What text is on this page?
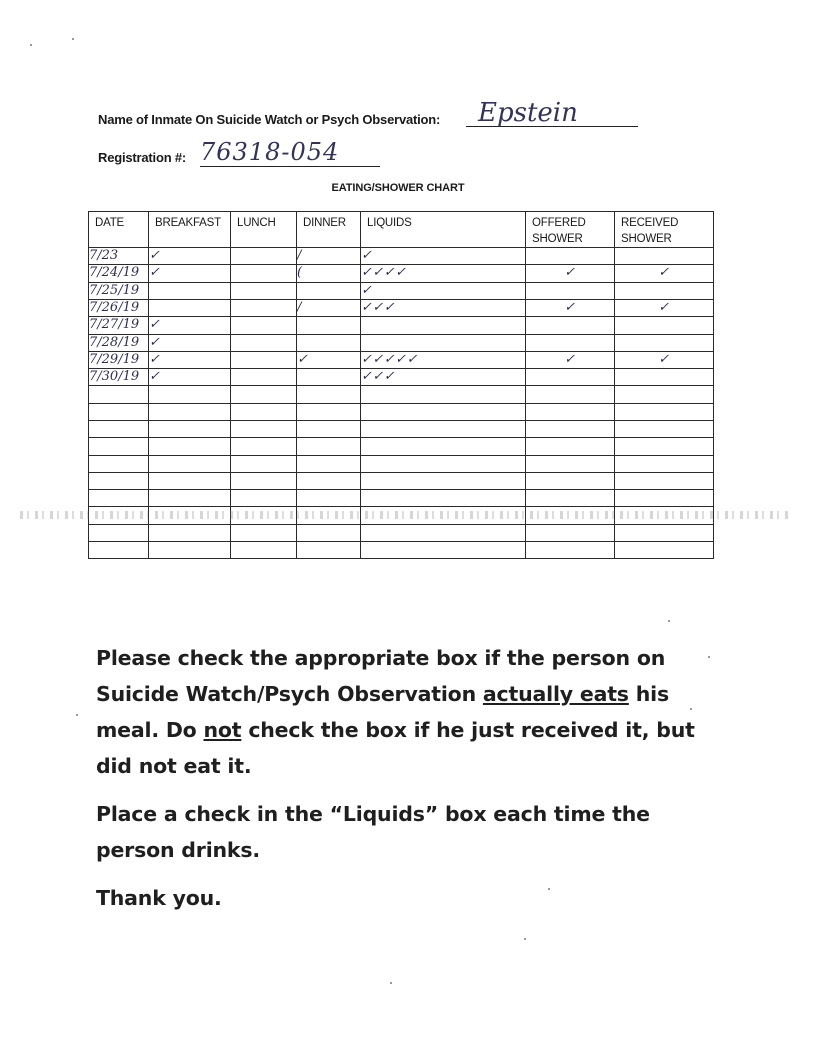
Name of Inmate On Suicide Watch or Psych Observation: Epstein
Registration #: 76318-054
EATING/SHOWER CHART
DATE	BREAKFAST	LUNCH	DINNER	LIQUIDS	OFFERED SHOWER	RECEIVED SHOWER
7/23	✓		/	✓		
7/24/19	✓		(	✓✓✓✓	✓	✓
7/25/19				✓		
7/26/19			/	✓✓✓	✓	✓
7/27/19	✓					
7/28/19	✓					
7/29/19	✓		✓	✓✓✓✓✓	✓	✓
7/30/19	✓			✓✓✓		

Please check the appropriate box if the person on Suicide Watch/Psych Observation actually eats his meal. Do not check the box if he just received it, but did not eat it.

Place a check in the “Liquids” box each time the person drinks.

Thank you.
